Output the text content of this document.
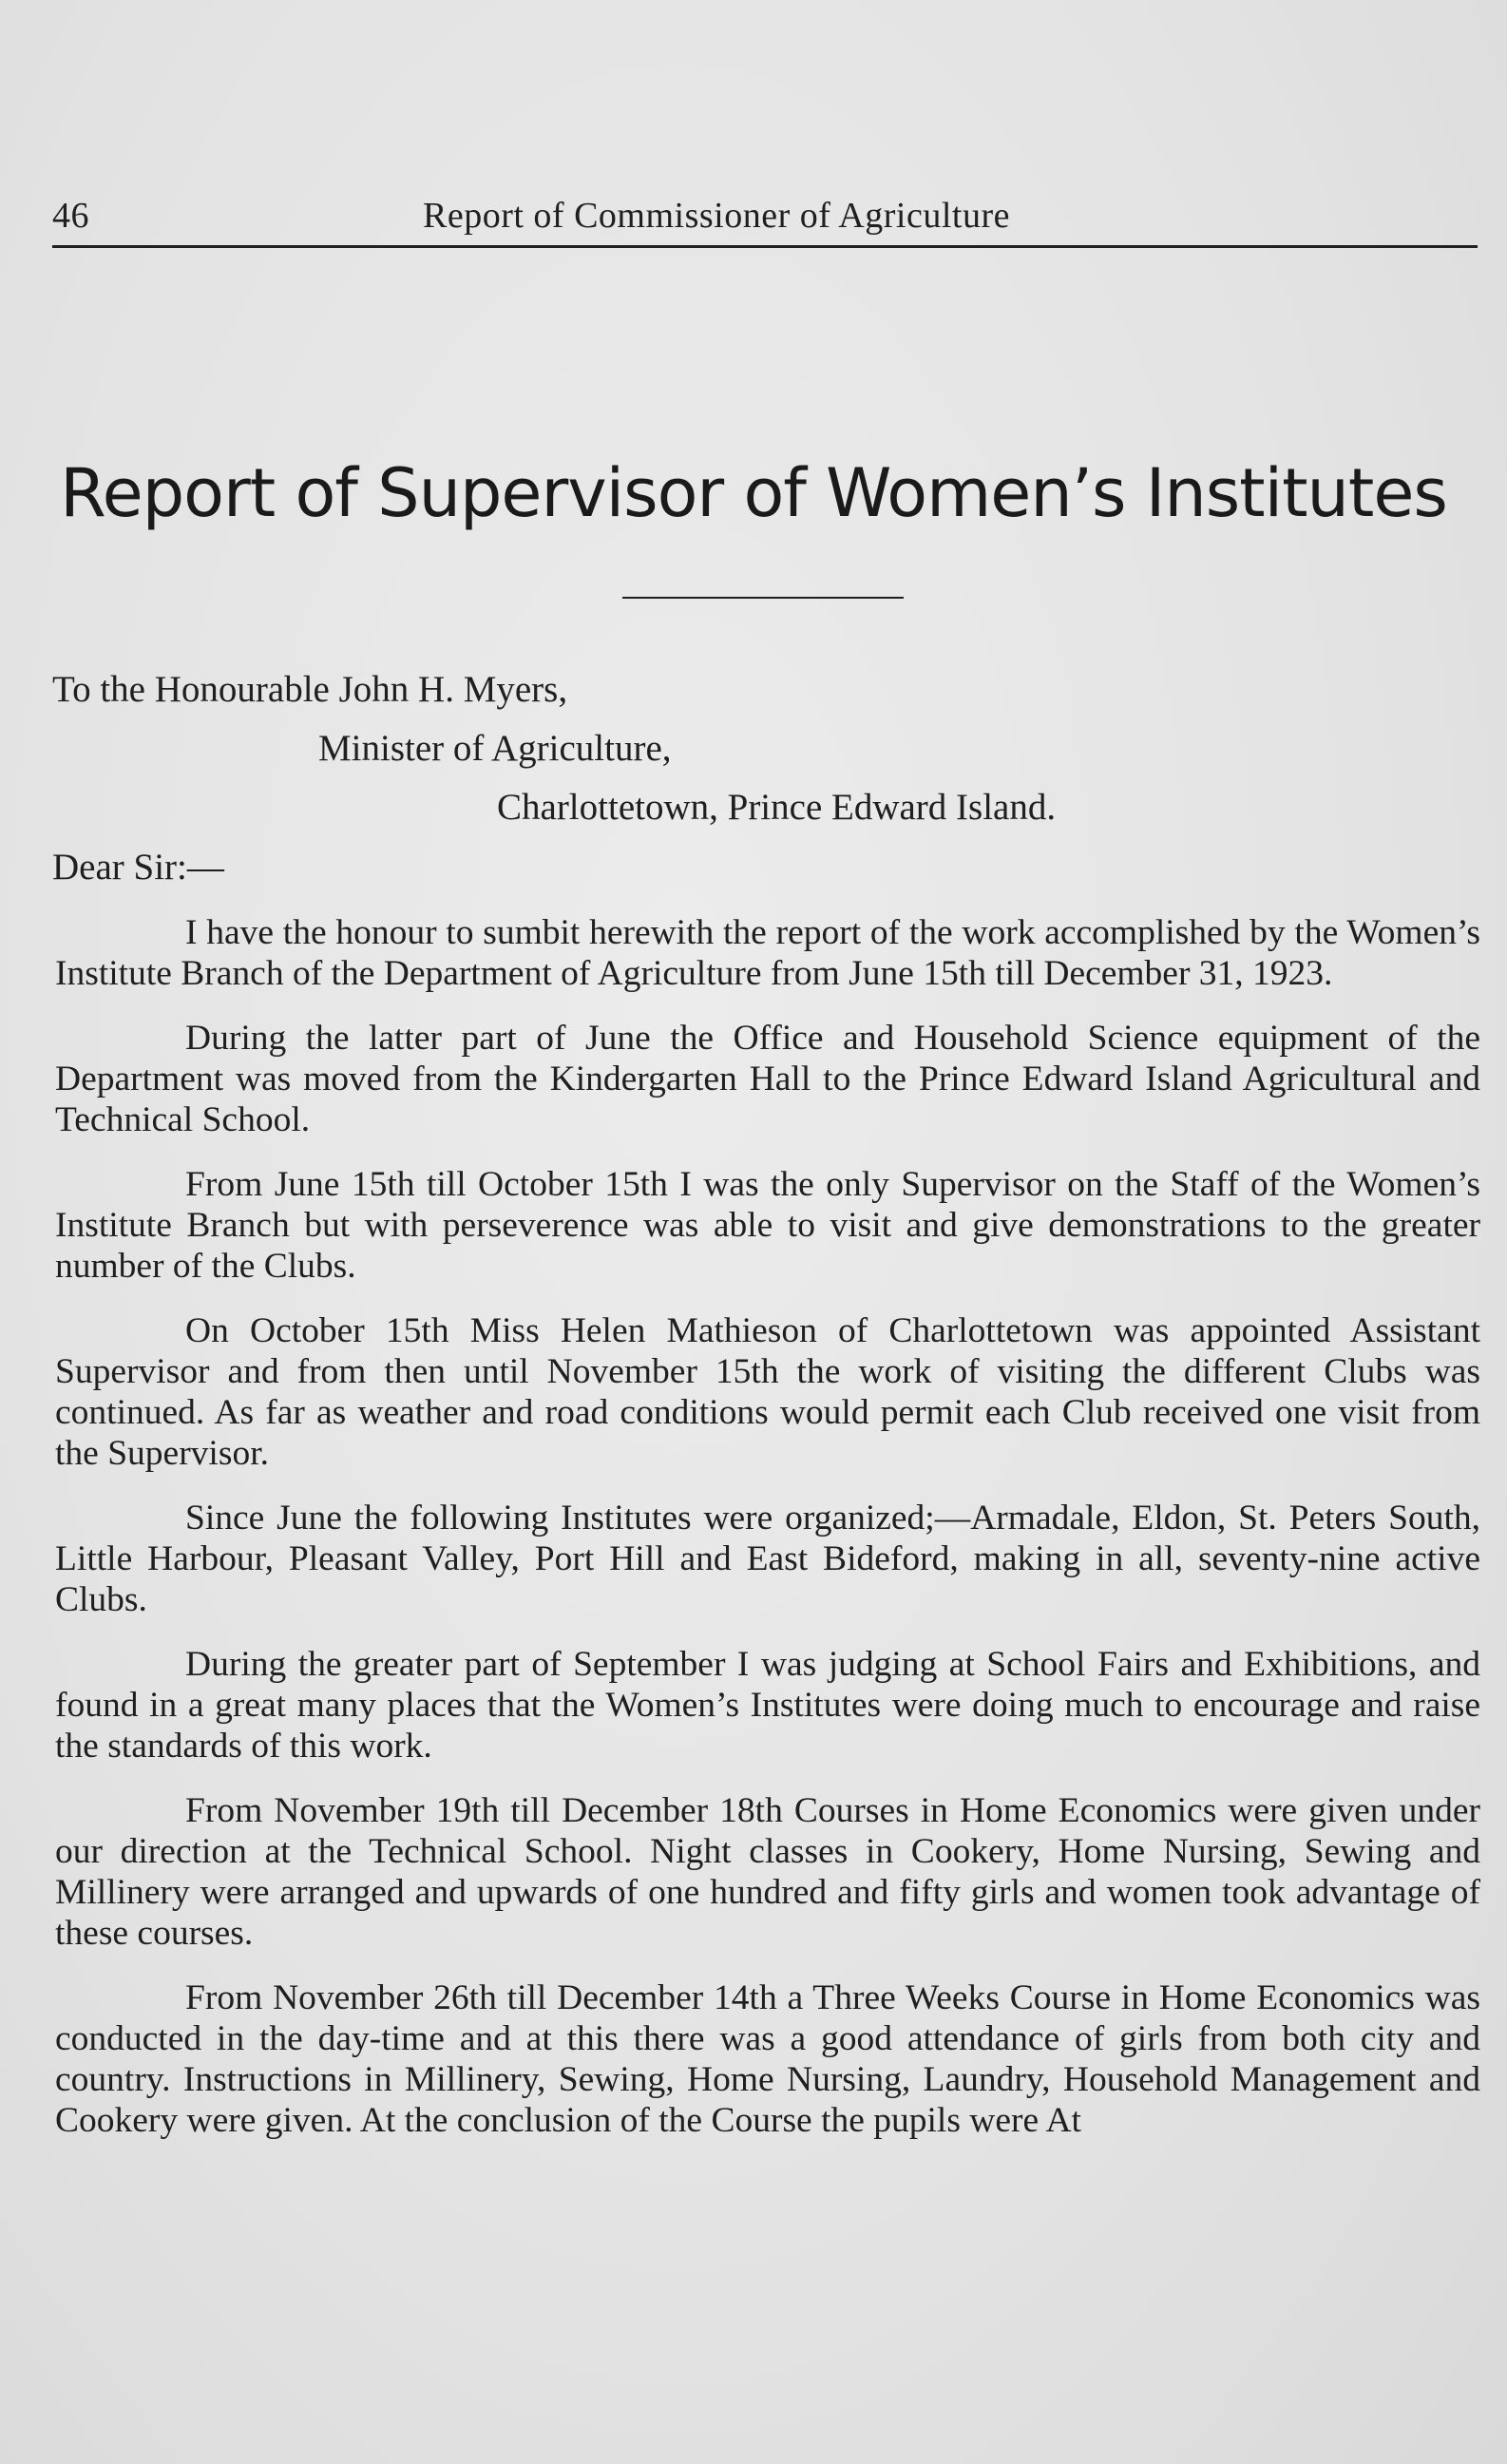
46	Report of Commissioner of Agriculture
Report of Supervisor of Women’s Institutes
To the Honourable John H. Myers,
Minister of Agriculture,
Charlottetown, Prince Edward Island.
Dear Sir:—

I have the honour to sumbit herewith the report of the work accomplished by the Women’s Institute Branch of the Department of Agriculture from June 15th till December 31, 1923.

During the latter part of June the Office and Household Science equipment of the Department was moved from the Kindergarten Hall to the Prince Edward Island Agricultural and Technical School.

From June 15th till October 15th I was the only Supervisor on the Staff of the Women’s Institute Branch but with perseverence was able to visit and give demonstrations to the greater number of the Clubs.

On October 15th Miss Helen Mathieson of Charlottetown was appointed Assistant Supervisor and from then until November 15th the work of visiting the different Clubs was continued. As far as weather and road conditions would permit each Club received one visit from the Supervisor.

Since June the following Institutes were organized;—Armadale, Eldon, St. Peters South, Little Harbour, Pleasant Valley, Port Hill and East Bideford, making in all, seventy-nine active Clubs.

During the greater part of September I was judging at School Fairs and Exhibitions, and found in a great many places that the Women’s Institutes were doing much to encourage and raise the standards of this work.

From November 19th till December 18th Courses in Home Economics were given under our direction at the Technical School. Night classes in Cookery, Home Nursing, Sewing and Millinery were arranged and upwards of one hundred and fifty girls and women took advantage of these courses.

From November 26th till December 14th a Three Weeks Course in Home Economics was conducted in the day-time and at this there was a good attendance of girls from both city and country. Instructions in Millinery, Sewing, Home Nursing, Laundry, Household Management and Cookery were given. At the conclusion of the Course the pupils were At
